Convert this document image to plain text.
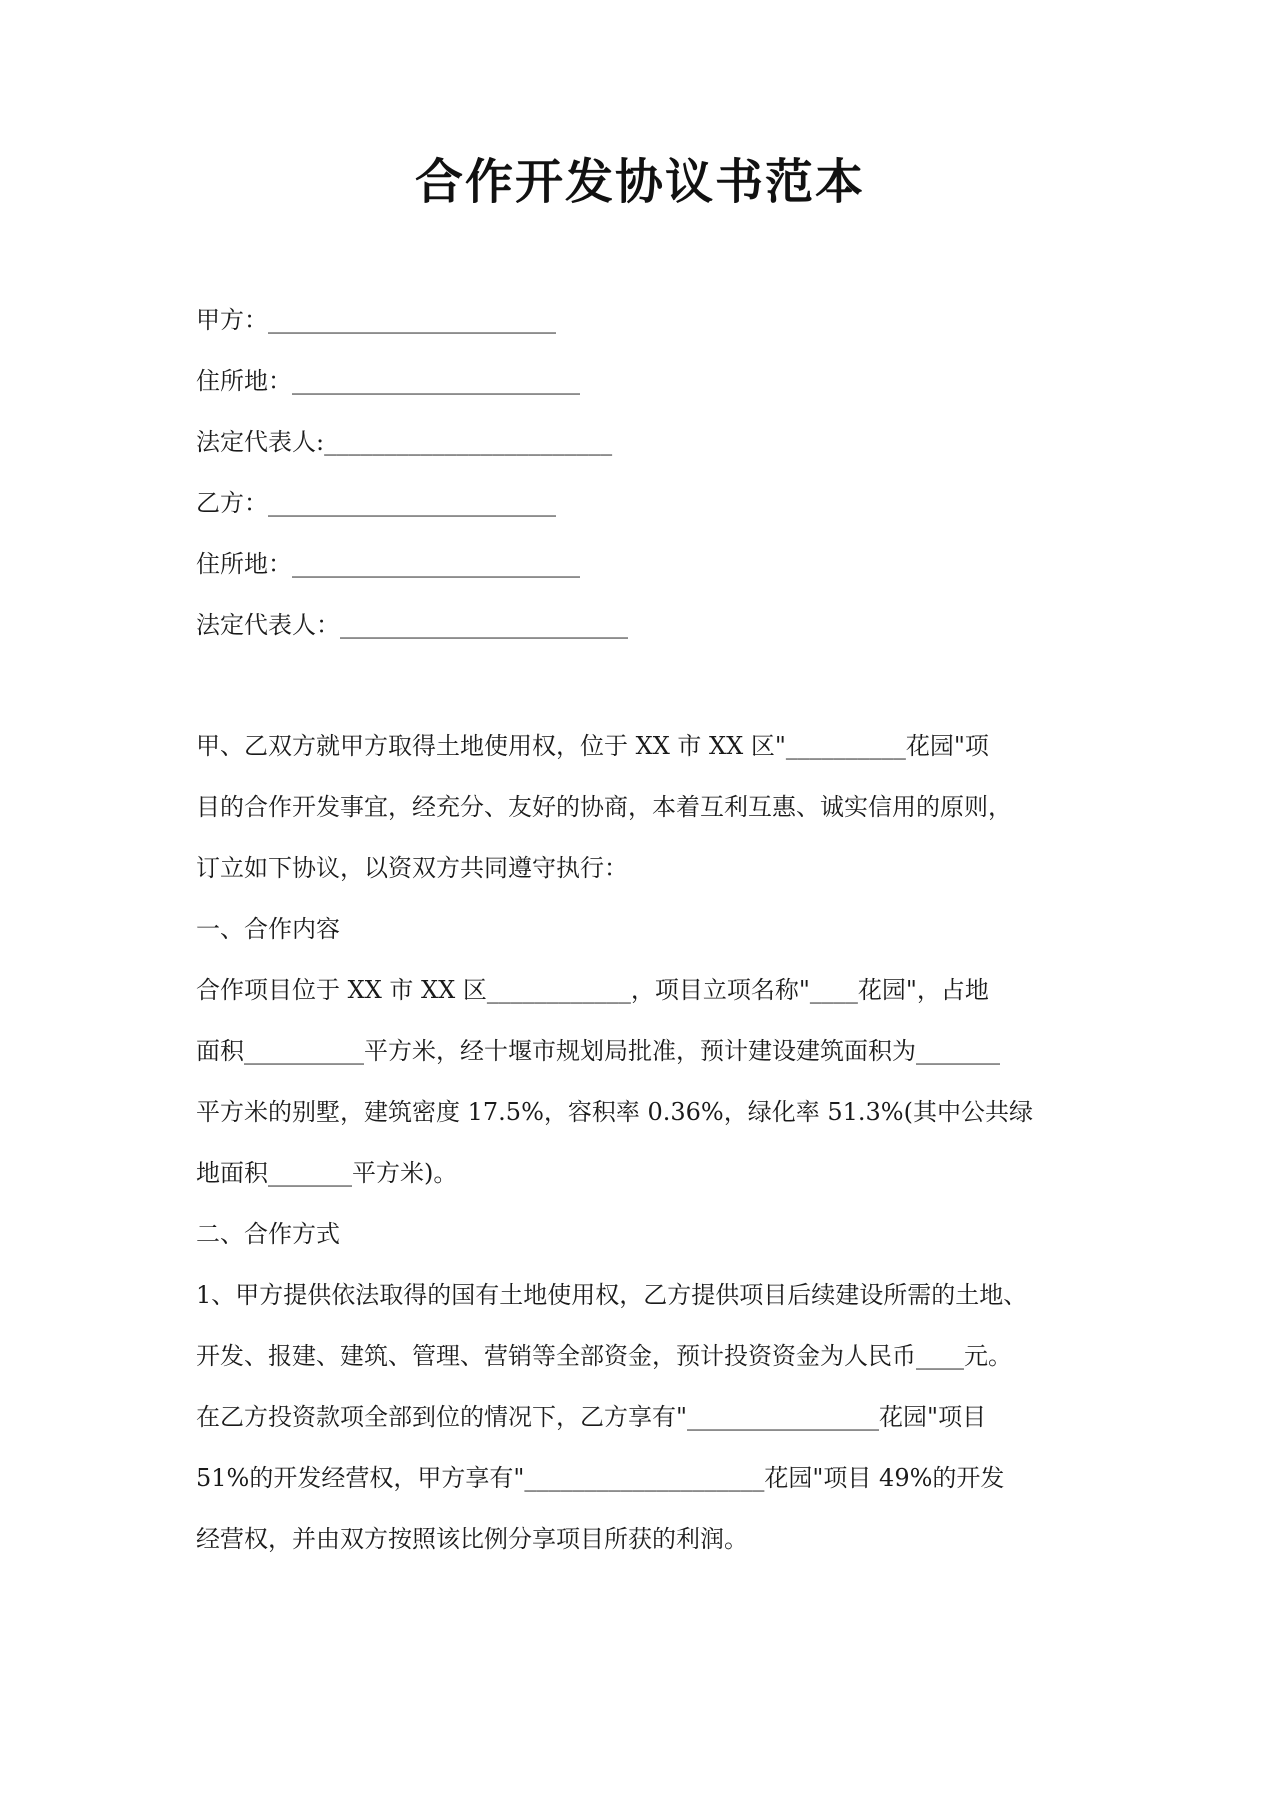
合作开发协议书范本
甲方：________________________
住所地：________________________
法定代表人:________________________
乙方：________________________
住所地：________________________
法定代表人：________________________
甲、乙双方就甲方取得土地使用权，位于 XX 市 XX 区"__________花园"项
目的合作开发事宜，经充分、友好的协商，本着互利互惠、诚实信用的原则，
订立如下协议，以资双方共同遵守执行：
一、合作内容
合作项目位于 XX 市 XX 区____________，项目立项名称"____花园"，占地
面积__________平方米，经十堰市规划局批准，预计建设建筑面积为_______
平方米的别墅，建筑密度 17.5%，容积率 0.36%，绿化率 51.3%(其中公共绿
地面积_______平方米)。
二、合作方式
1、甲方提供依法取得的国有土地使用权，乙方提供项目后续建设所需的土地、
开发、报建、建筑、管理、营销等全部资金，预计投资资金为人民币____元。
在乙方投资款项全部到位的情况下，乙方享有"________________花园"项目
51%的开发经营权，甲方享有"____________________花园"项目 49%的开发
经营权，并由双方按照该比例分享项目所获的利润。
